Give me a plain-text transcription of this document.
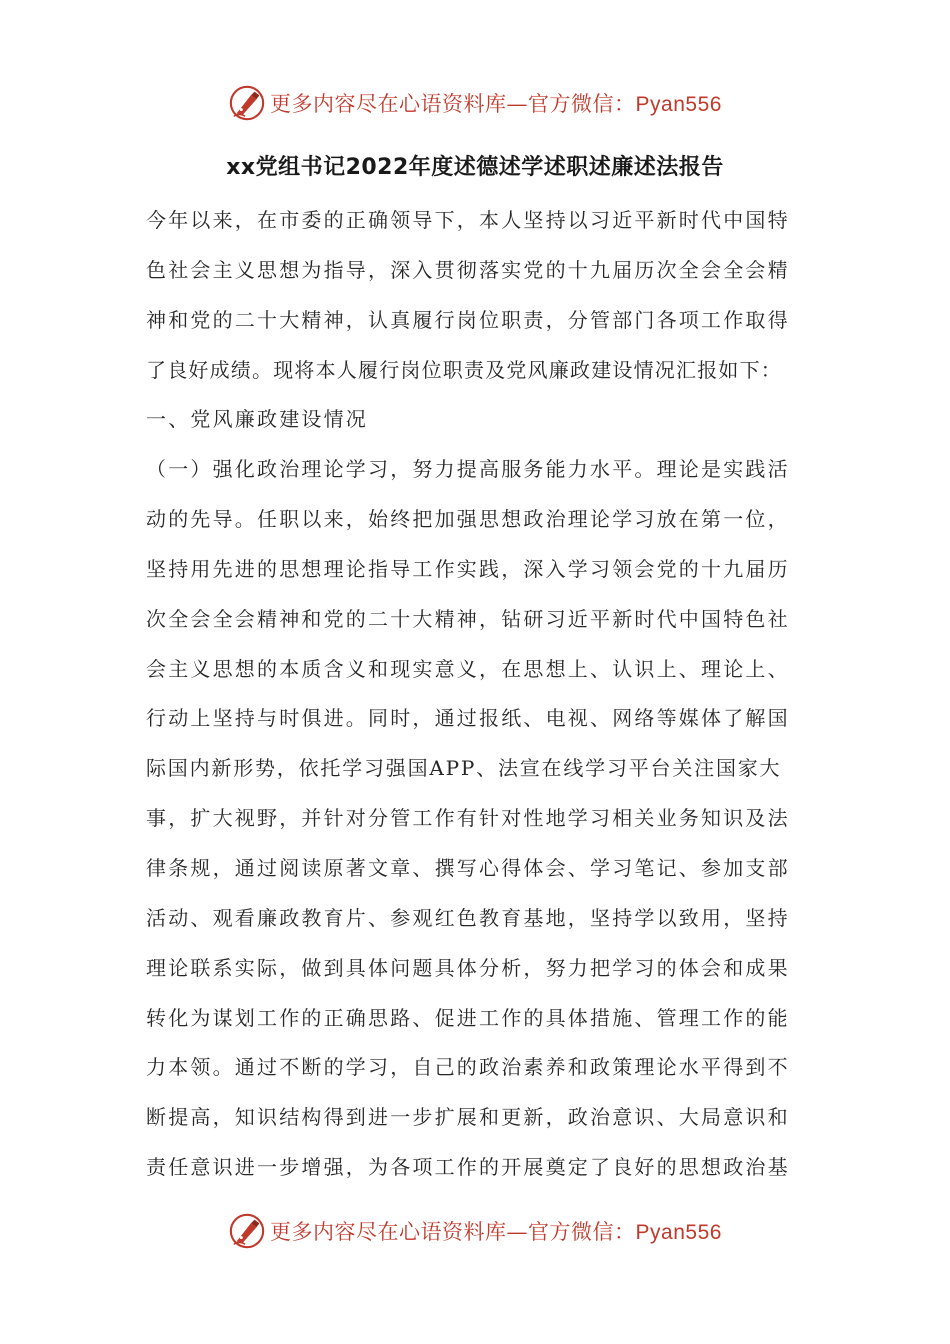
更多内容尽在心语资料库—官方微信：Pyan556
xx党组书记2022年度述德述学述职述廉述法报告
今年以来，在市委的正确领导下，本人坚持以习近平新时代中国特
色社会主义思想为指导，深入贯彻落实党的十九届历次全会全会精
神和党的二十大精神，认真履行岗位职责，分管部门各项工作取得
了良好成绩。现将本人履行岗位职责及党风廉政建设情况汇报如下：
一、党风廉政建设情况
（一）强化政治理论学习，努力提高服务能力水平。理论是实践活
动的先导。任职以来，始终把加强思想政治理论学习放在第一位，
坚持用先进的思想理论指导工作实践，深入学习领会党的十九届历
次全会全会精神和党的二十大精神，钻研习近平新时代中国特色社
会主义思想的本质含义和现实意义，在思想上、认识上、理论上、
行动上坚持与时俱进。同时，通过报纸、电视、网络等媒体了解国
际国内新形势，依托学习强国APP、法宣在线学习平台关注国家大
事，扩大视野，并针对分管工作有针对性地学习相关业务知识及法
律条规，通过阅读原著文章、撰写心得体会、学习笔记、参加支部
活动、观看廉政教育片、参观红色教育基地，坚持学以致用，坚持
理论联系实际，做到具体问题具体分析，努力把学习的体会和成果
转化为谋划工作的正确思路、促进工作的具体措施、管理工作的能
力本领。通过不断的学习，自己的政治素养和政策理论水平得到不
断提高，知识结构得到进一步扩展和更新，政治意识、大局意识和
责任意识进一步增强，为各项工作的开展奠定了良好的思想政治基
更多内容尽在心语资料库—官方微信：Pyan556
